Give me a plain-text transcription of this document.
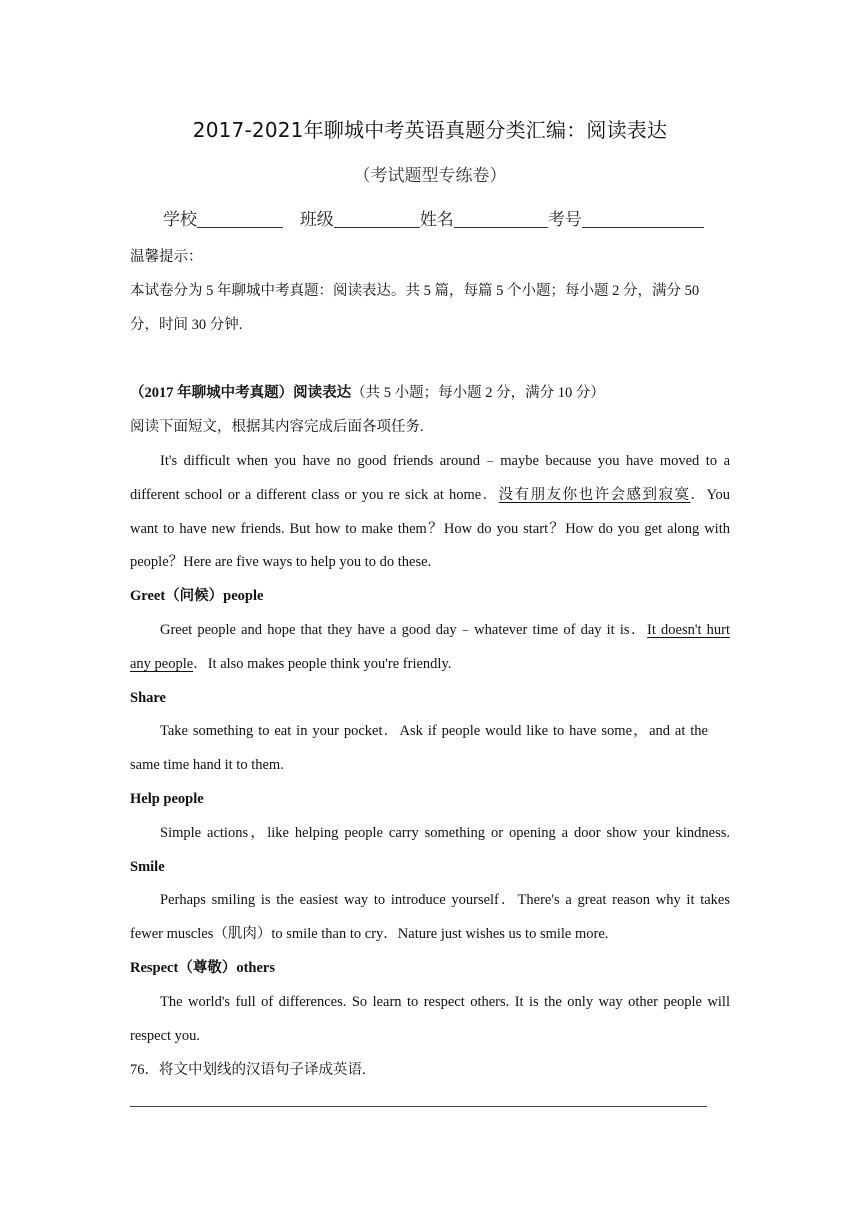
2017-2021年聊城中考英语真题分类汇编：阅读表达
（考试题型专练卷）
学校	班级	姓名	考号
温馨提示：
本试卷分为 5 年聊城中考真题：阅读表达。共 5 篇，每篇 5 个小题；每小题 2 分，满分 50
分，时间 30 分钟.
（2017 年聊城中考真题）阅读表达（共 5 小题；每小题 2 分，满分 10 分）
阅读下面短文，根据其内容完成后面各项任务.
It's difficult when you have no good friends around﹣maybe because you have moved to a
different school or a different class or you re sick at home．没有朋友你也许会感到寂寞．You
want to have new friends. But how to make them？How do you start？How do you get along with
people？Here are five ways to help you to do these.
Greet（问候）people
Greet people and hope that they have a good day﹣whatever time of day it is．It doesn't hurt
any people．It also makes people think you're friendly.
Share
Take something to eat in your pocket．Ask if people would like to have some，and at the
same time hand it to them.
Help people
Simple actions，like helping people carry something or opening a door show your kindness.
Smile
Perhaps smiling is the easiest way to introduce yourself．There's a great reason why it takes
fewer muscles（肌肉）to smile than to cry．Nature just wishes us to smile more.
Respect（尊敬）others
The world's full of differences. So learn to respect others. It is the only way other people will
respect you.
76．将文中划线的汉语句子译成英语.
